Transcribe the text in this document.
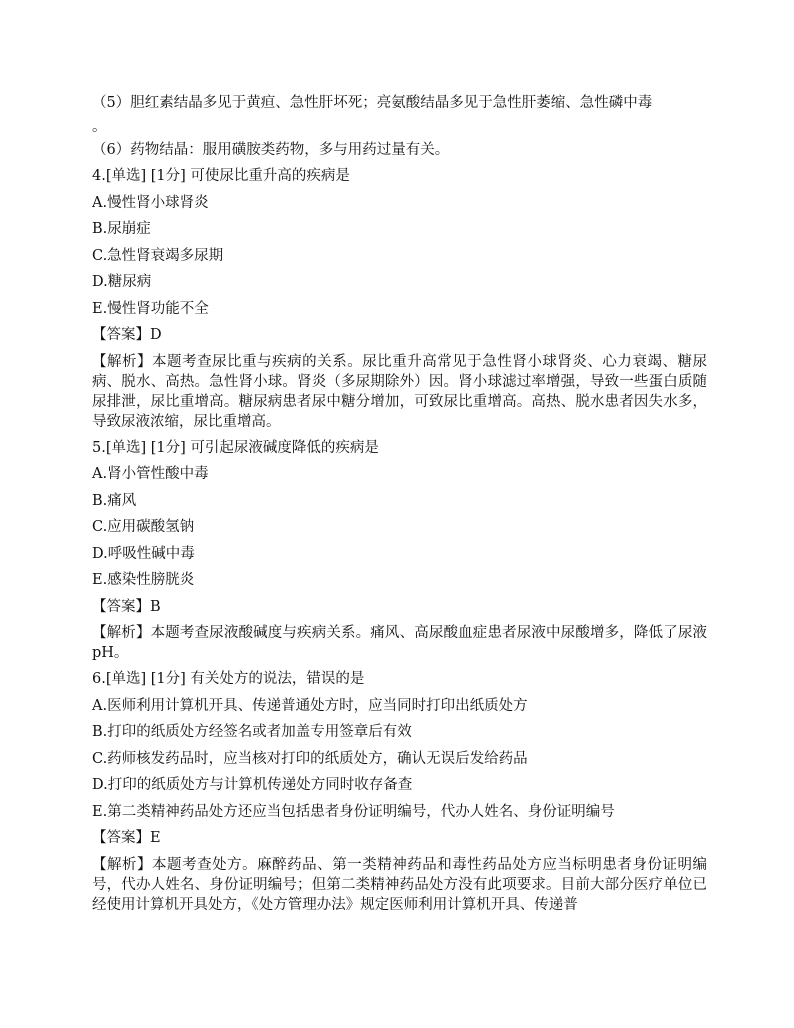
（5）胆红素结晶多见于黄疸、急性肝坏死；亮氨酸结晶多见于急性肝萎缩、急性磷中毒
。
（6）药物结晶：服用磺胺类药物，多与用药过量有关。
4.[单选] [1分] 可使尿比重升高的疾病是
A.慢性肾小球肾炎
B.尿崩症
C.急性肾衰竭多尿期
D.糖尿病
E.慢性肾功能不全
【答案】D
【解析】本题考查尿比重与疾病的关系。尿比重升高常见于急性肾小球肾炎、心力衰竭、糖尿病、脱水、高热。急性肾小球。肾炎（多尿期除外）因。肾小球滤过率增强，导致一些蛋白质随尿排泄，尿比重增高。糖尿病患者尿中糖分增加，可致尿比重增高。高热、脱水患者因失水多，导致尿液浓缩，尿比重增高。
5.[单选] [1分] 可引起尿液碱度降低的疾病是
A.肾小管性酸中毒
B.痛风
C.应用碳酸氢钠
D.呼吸性碱中毒
E.感染性膀胱炎
【答案】B
【解析】本题考查尿液酸碱度与疾病关系。痛风、高尿酸血症患者尿液中尿酸增多，降低了尿液pH。
6.[单选] [1分] 有关处方的说法，错误的是
A.医师利用计算机开具、传递普通处方时，应当同时打印出纸质处方
B.打印的纸质处方经签名或者加盖专用签章后有效
C.药师核发药品时，应当核对打印的纸质处方，确认无误后发给药品
D.打印的纸质处方与计算机传递处方同时收存备查
E.第二类精神药品处方还应当包括患者身份证明编号，代办人姓名、身份证明编号
【答案】E
【解析】本题考查处方。麻醉药品、第一类精神药品和毒性药品处方应当标明患者身份证明编号，代办人姓名、身份证明编号；但第二类精神药品处方没有此项要求。目前大部分医疗单位已经使用计算机开具处方，《处方管理办法》规定医师利用计算机开具、传递普
